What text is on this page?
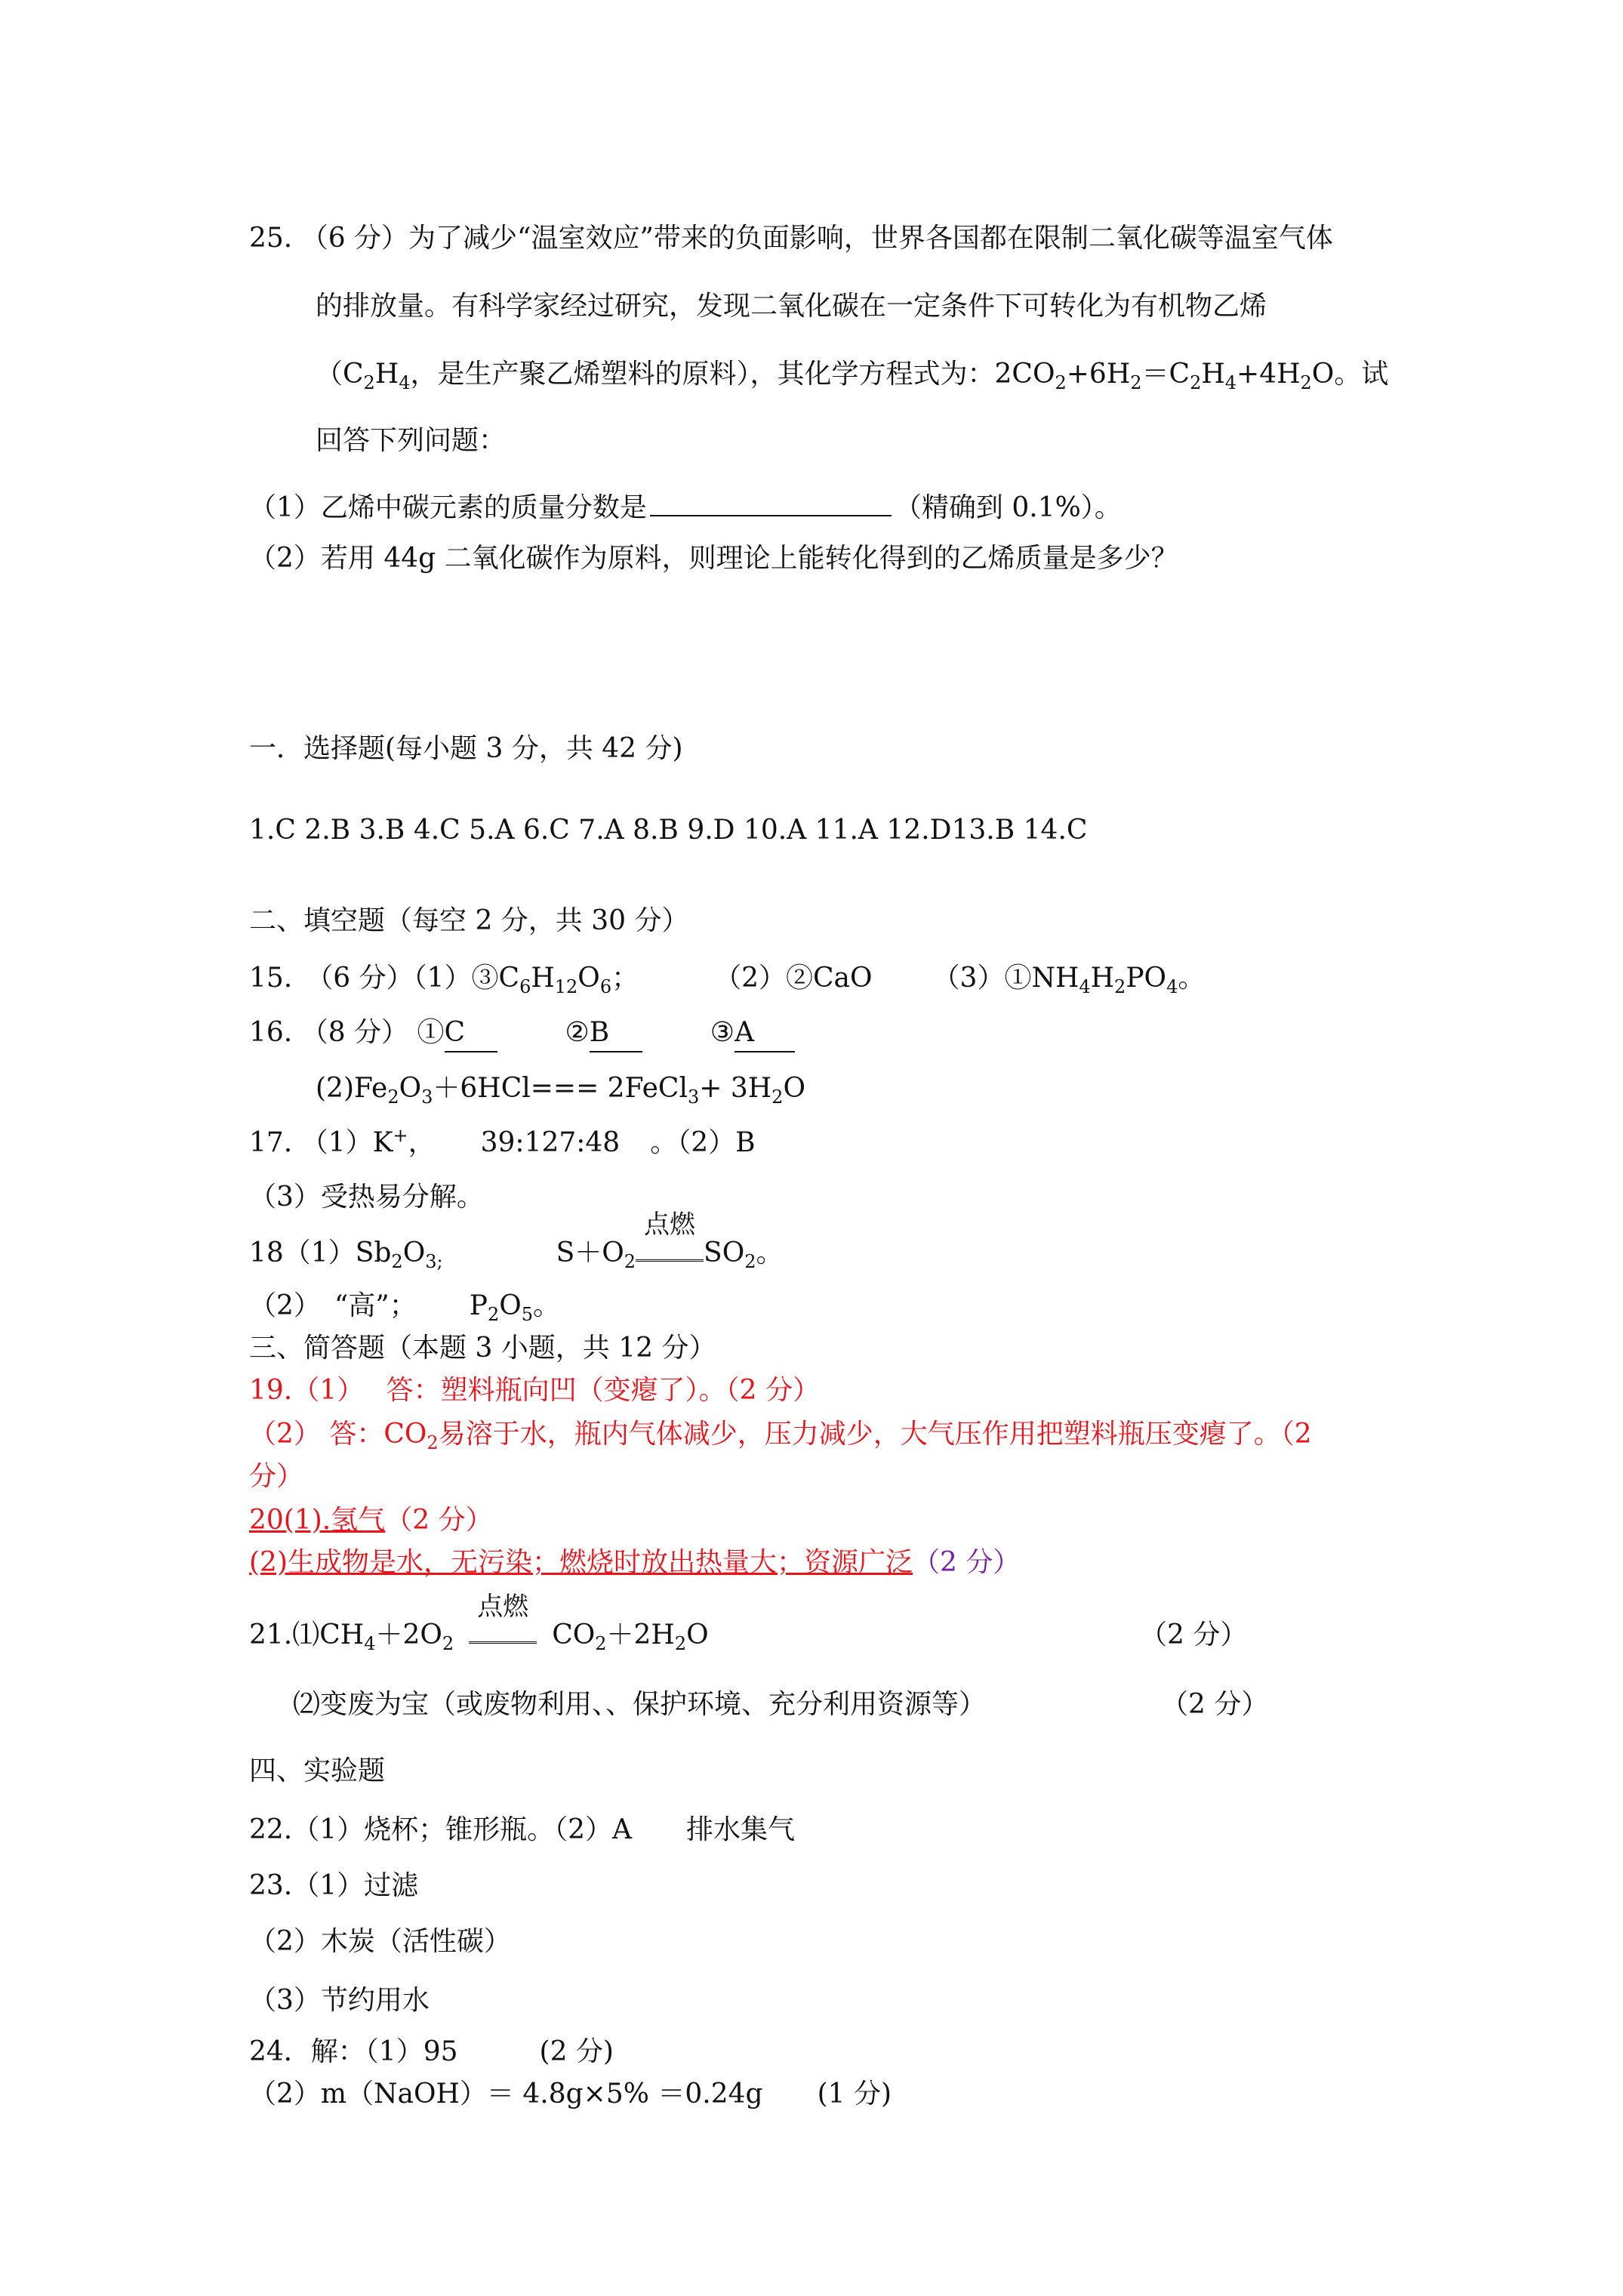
25. （6 分）为了减少“温室效应”带来的负面影响，世界各国都在限制二氧化碳等温室气体
的排放量。有科学家经过研究，发现二氧化碳在一定条件下可转化为有机物乙烯
（$C_2H_4$，是生产聚乙烯塑料的原料），其化学方程式为：$2CO_2+6H_2=C_2H_4+4H_2O$。试
回答下列问题：
（1）乙烯中碳元素的质量分数是	（精确到 0.1%）。
（2）若用 44g 二氧化碳作为原料，则理论上能转化得到的乙烯质量是多少？
一．选择题(每小题 3 分，共 42 分)
1.C 2.B 3.B 4.C 5.A 6.C 7.A 8.B 9.D 10.A 11.A 12.D13.B 14.C
二、填空题（每空 2 分，共 30 分）
15.　（6 分）$(1)③C_6H_{12}O_6$；	（2）②CaO $(3)①NH_4H_2PO_4$。
16. （8 分） ①C	②B	③A
$(2)Fe_2O_3+6HCl===$ 2FeCl$_3$+ $3H_2O$
17. （1）K+， 39:127:48 。（2）B
（3）受热易分解。
$18(1)Sb_2O_{3;}$	$S+O_2$
点燃
$SO_2$。
（2）　“高”； $P_2O_5$。
三、简答题（本题 3 小题，共 12 分）
19.（1）　 答：塑料瓶向凹（变瘪了）。（2 分）
（2） 答：$CO_2$易溶于水，瓶内气体减少，压力减少，大气压作用把塑料瓶压变瘪了。（2
分）
20(1).氢气（2 分）
(2)生成物是水，无污染；燃烧时放出热量大；资源广泛（2 分）
$21.⑴CH_4+2O_2$
点燃
$CO_2+2H_2O$	（2 分）
⑵变废为宝（或废物利用、、保护环境、充分利用资源等）	（2 分）
四、实验题
22.（1）烧杯；锥形瓶。（2）A　　排水集气
23.（1）过滤
（2）木炭（活性碳）
（3）节约用水
24．解：（1）95　　　(2 分)
（2）m（NaOH）＝ 4.8g×5% ＝0.24g　　(1 分)
